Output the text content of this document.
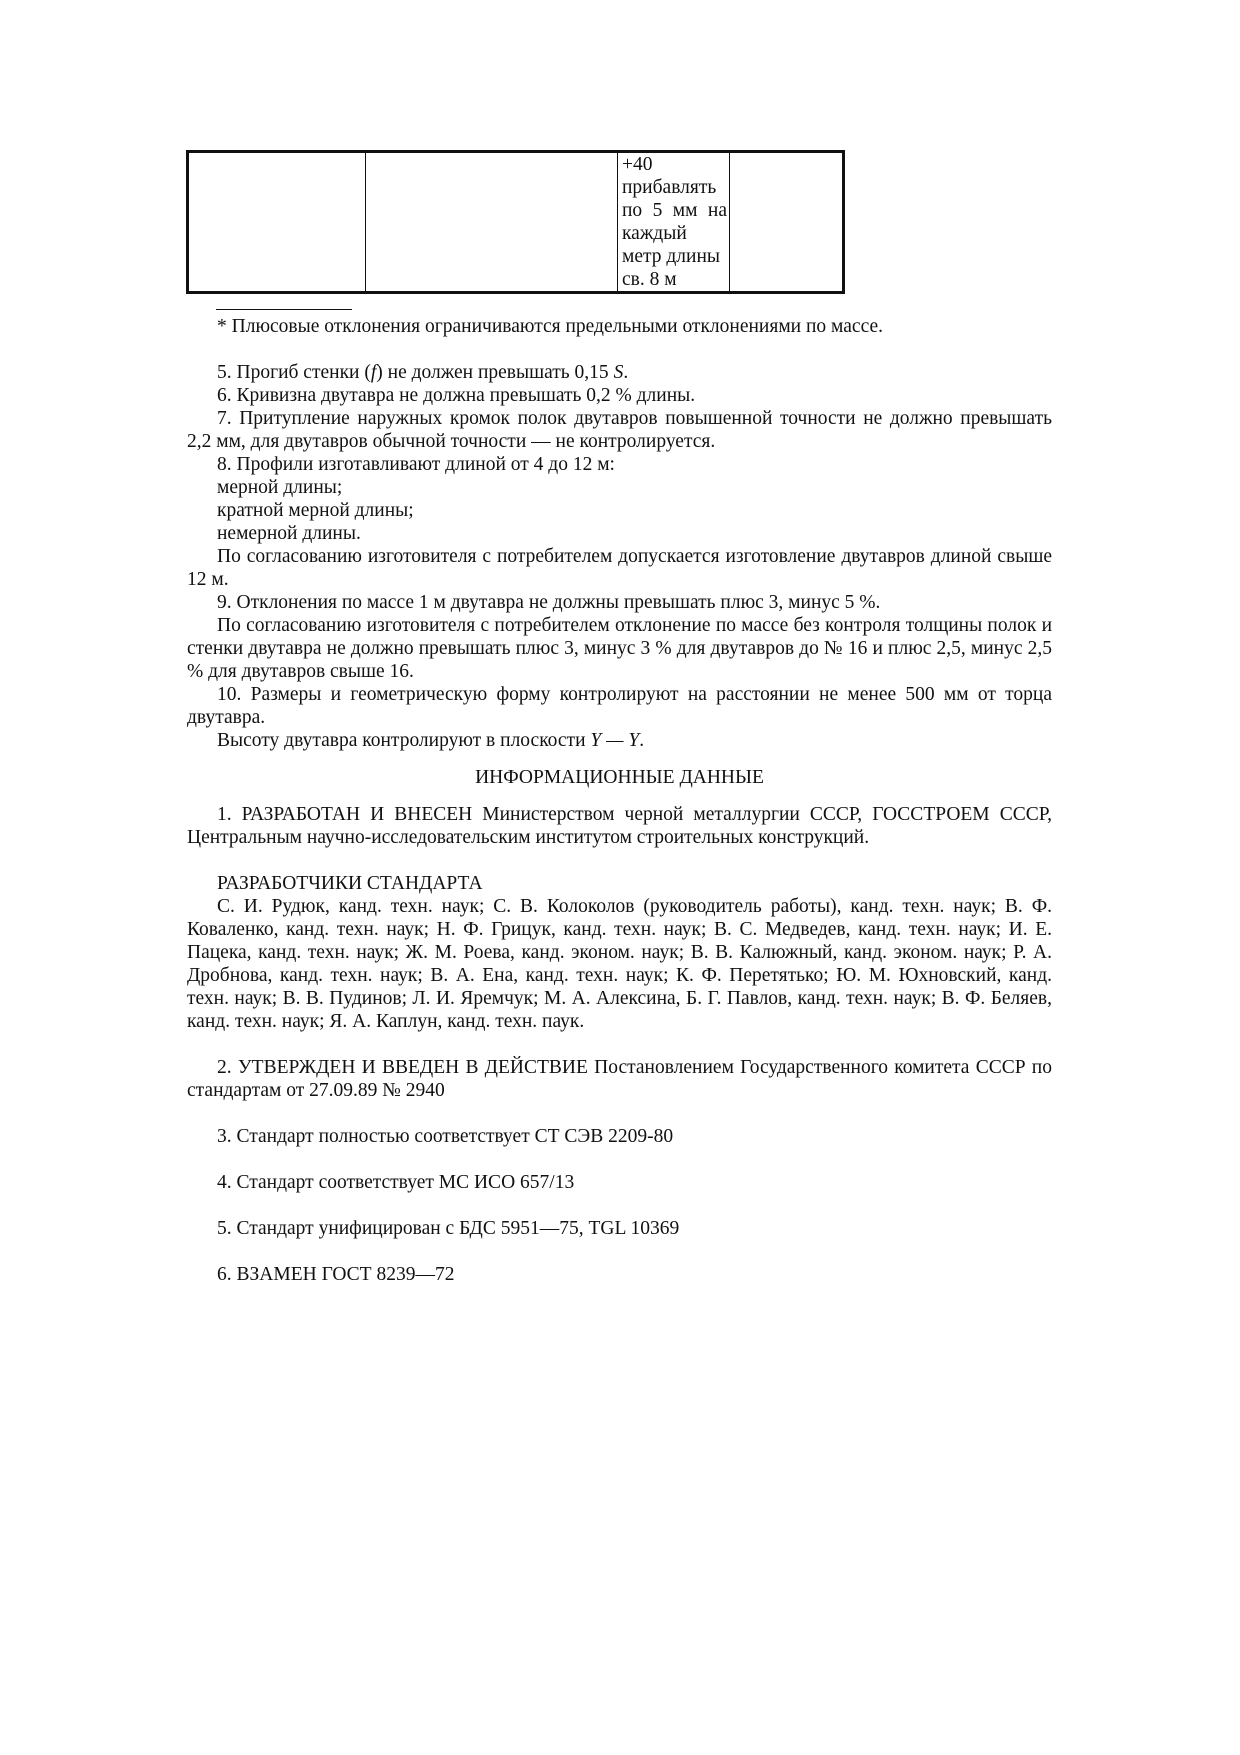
+40
прибавлять
по 5 мм на
каждый
метр длины
св. 8 м

* Плюсовые отклонения ограничиваются предельными отклонениями по массе.

5. Прогиб стенки (f) не должен превышать 0,15 S.

6. Кривизна двутавра не должна превышать 0,2 % длины.

7. Притупление наружных кромок полок двутавров повышенной точности не должно превышать 2,2 мм, для двутавров обычной точности — не контролируется.

8. Профили изготавливают длиной от 4 до 12 м:

мерной длины;

кратной мерной длины;

немерной длины.

По согласованию изготовителя с потребителем допускается изготовление двутавров длиной свыше 12 м.

9. Отклонения по массе 1 м двутавра не должны превышать плюс 3, минус 5 %.

По согласованию изготовителя с потребителем отклонение по массе без контроля толщины полок и стенки двутавра не должно превышать плюс 3, минус 3 % для двутавров до № 16 и плюс 2,5, минус 2,5 % для двутавров свыше 16.

10. Размеры и геометрическую форму контролируют на расстоянии не менее 500 мм от торца двутавра.

Высоту двутавра контролируют в плоскости Y — Y.

ИНФОРМАЦИОННЫЕ ДАННЫЕ

1. РАЗРАБОТАН И ВНЕСЕН Министерством черной металлургии СССР, ГОССТРОЕМ СССР, Центральным научно-исследовательским институтом строительных конструкций.

РАЗРАБОТЧИКИ СТАНДАРТА

С. И. Рудюк, канд. техн. наук; С. В. Колоколов (руководитель работы), канд. техн. наук; В. Ф. Коваленко, канд. техн. наук; Н. Ф. Грицук, канд. техн. наук; В. С. Медведев, канд. техн. наук; И. Е. Пацека, канд. техн. наук; Ж. М. Роева, канд. эконом. наук; В. В. Калюжный, канд. эконом. наук; Р. А. Дробнова, канд. техн. наук; В. А. Ена, канд. техн. наук; К. Ф. Перетятько; Ю. М. Юхновский, канд. техн. наук; В. В. Пудинов; Л. И. Яремчук; М. А. Алексина, Б. Г. Павлов, канд. техн. наук; В. Ф. Беляев, канд. техн. наук; Я. А. Каплун, канд. техн. паук.

2. УТВЕРЖДЕН И ВВЕДЕН В ДЕЙСТВИЕ Постановлением Государственного комитета СССР по стандартам от 27.09.89 № 2940

3. Стандарт полностью соответствует СТ СЭВ 2209-80

4. Стандарт соответствует МС ИСО 657/13

5. Стандарт унифицирован с БДС 5951—75, TGL 10369

6. ВЗАМЕН ГОСТ 8239—72
